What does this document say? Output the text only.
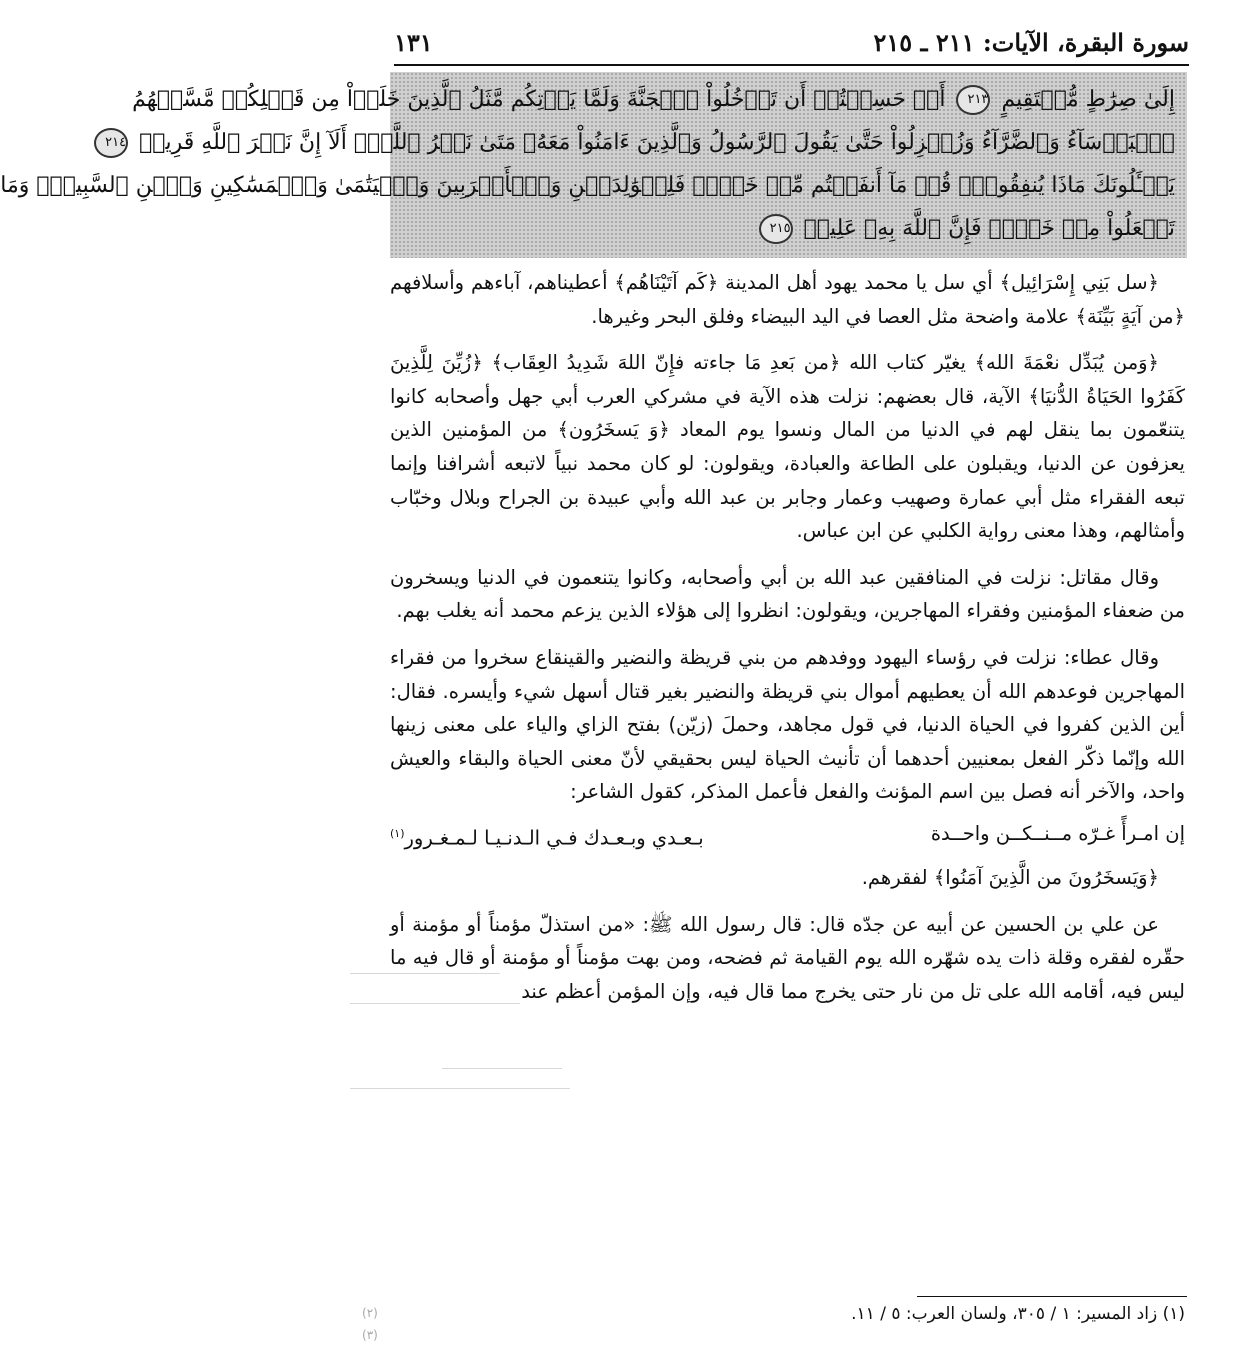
سورة البقرة، الآيات: ٢١١ ـ ٢١٥
١٣١
إِلَىٰ صِرَٰطٍ مُّسۡتَقِيمٍ ٢١٣ أَمۡ حَسِبۡتُمۡ أَن تَدۡخُلُواْ ٱلۡجَنَّةَ وَلَمَّا يَأۡتِكُم مَّثَلُ ٱلَّذِينَ خَلَوۡاْ مِن قَبۡلِكُمۖ مَّسَّتۡهُمُ
ٱلۡبَأۡسَآءُ وَٱلضَّرَّآءُ وَزُلۡزِلُواْ حَتَّىٰ يَقُولَ ٱلرَّسُولُ وَٱلَّذِينَ ءَامَنُواْ مَعَهُۥ مَتَىٰ نَصۡرُ ٱللَّهِۗ أَلَآ إِنَّ نَصۡرَ ٱللَّهِ قَرِيبٞ ٢١٤
يَسۡـَٔلُونَكَ مَاذَا يُنفِقُونَۖ قُلۡ مَآ أَنفَقۡتُم مِّنۡ خَيۡرٖ فَلِلۡوَٰلِدَيۡنِ وَٱلۡأَقۡرَبِينَ وَٱلۡيَتَٰمَىٰ وَٱلۡمَسَٰكِينِ وَٱبۡنِ ٱلسَّبِيلِۗ وَمَا
تَفۡعَلُواْ مِنۡ خَيۡرٖ فَإِنَّ ٱللَّهَ بِهِۦ عَلِيمٞ ٢١٥

﴿سل بَنِي إِسْرَائِيل﴾ أي سل يا محمد يهود أهل المدينة ﴿كَم آتَيْنَاهُم﴾ أعطيناهم، آباءهم وأسلافهم ﴿من آيَةٍ بَيِّنَة﴾ علامة واضحة مثل العصا في اليد البيضاء وفلق البحر وغيرها.

﴿وَمن يُبَدِّل نعْمَةَ الله﴾ يغيّر كتاب الله ﴿من بَعدِ مَا جاءته فإِنّ اللهَ شَدِيدُ العِقَاب﴾ ﴿زُيِّنَ لِلَّذِينَ كَفَرُوا الحَيَاةُ الدُّنيَا﴾ الآية، قال بعضهم: نزلت هذه الآية في مشركي العرب أبي جهل وأصحابه كانوا يتنعّمون بما ينقل لهم في الدنيا من المال ونسوا يوم المعاد ﴿وَ يَسخَرُون﴾ من المؤمنين الذين يعزفون عن الدنيا، ويقبلون على الطاعة والعبادة، ويقولون: لو كان محمد نبياً لاتبعه أشرافنا وإنما تبعه الفقراء مثل أبي عمارة وصهيب وعمار وجابر بن عبد الله وأبي عبيدة بن الجراح وبلال وخبّاب وأمثالهم، وهذا معنى رواية الكلبي عن ابن عباس.

وقال مقاتل: نزلت في المنافقين عبد الله بن أبي وأصحابه، وكانوا يتنعمون في الدنيا ويسخرون من ضعفاء المؤمنين وفقراء المهاجرين، ويقولون: انظروا إلى هؤلاء الذين يزعم محمد أنه يغلب بهم.

وقال عطاء: نزلت في رؤساء اليهود ووفدهم من بني قريظة والنضير والقينقاع سخروا من فقراء المهاجرين فوعدهم الله أن يعطيهم أموال بني قريظة والنضير بغير قتال أسهل شيء وأيسره. فقال: أين الذين كفروا في الحياة الدنيا، في قول مجاهد، وحملَ (زيّن) بفتح الزاي والياء على معنى زينها الله وإنّما ذكّر الفعل بمعنيين أحدهما أن تأنيث الحياة ليس بحقيقي لأنّ معنى الحياة والبقاء والعيش واحد، والآخر أنه فصل بين اسم المؤنث والفعل فأعمل المذكر، كقول الشاعر:

إن امـرأً غـرّه مــنــكــن واحــدة
بـعـدي وبـعـدك فـي الـدنـيـا لـمـغـرور$^{(١)}$

﴿وَيَسخَرُونَ من الَّذِينَ آمَنُوا﴾ لفقرهم.

عن علي بن الحسين عن أبيه عن جدّه قال: قال رسول الله ﷺ: «من استذلّ مؤمناً أو مؤمنة أو حقّره لفقره وقلة ذات يده شهّره الله يوم القيامة ثم فضحه، ومن بهت مؤمناً أو مؤمنة أو قال فيه ما ليس فيه، أقامه الله على تل من نار حتى يخرج مما قال فيه، وإن المؤمن أعظم عند

(١) زاد المسير: ١ / ٣٠٥، ولسان العرب: ٥ / ١١.
(٢)
(٣)
